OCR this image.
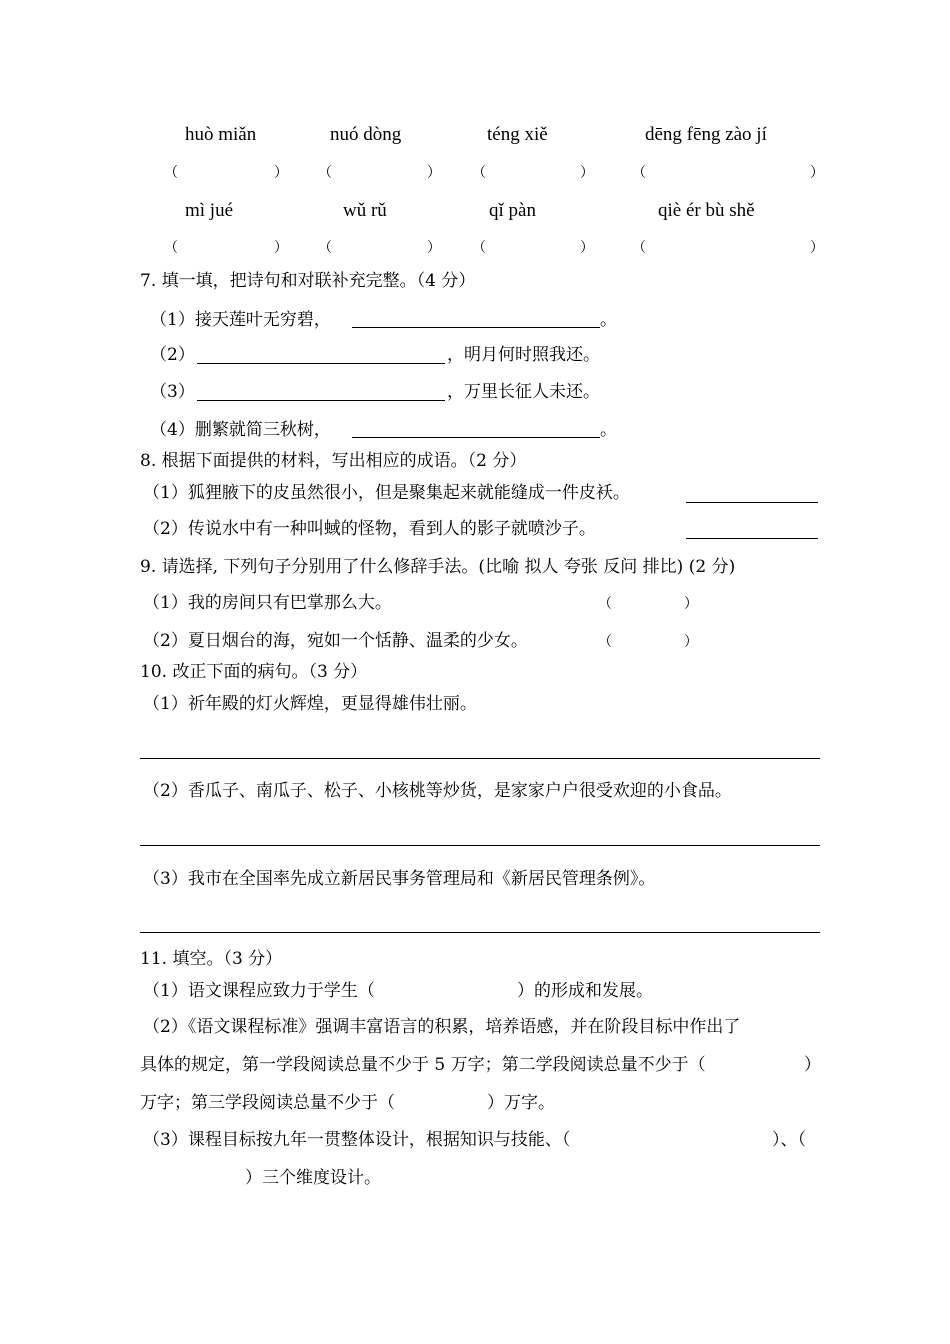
huò miǎn	nuó dòng	téng xiě	dēng fēng zào jí
（	） （	） （	）	（	）
mì jué	wǔ rǔ	qǐ pàn	qiè ér bù shě
（	） （	） （	）	（	）
7. 填一填，把诗句和对联补充完整。（4 分）
（1）接天莲叶无穷碧，	。
（2）	，明月何时照我还。
（3）	，万里长征人未还。
（4）删繁就简三秋树，	。
8. 根据下面提供的材料，写出相应的成语。（2 分）
（1）狐狸腋下的皮虽然很小，但是聚集起来就能缝成一件皮袄。
（2）传说水中有一种叫蜮的怪物，看到人的影子就喷沙子。
9. 请选择, 下列句子分别用了什么修辞手法。(比喻 拟人 夸张 反问 排比) (2 分)
（1）我的房间只有巴掌那么大。	（	）
（2）夏日烟台的海，宛如一个恬静、温柔的少女。	（	）
10. 改正下面的病句。（3 分）
（1）祈年殿的灯火辉煌，更显得雄伟壮丽。
（2）香瓜子、南瓜子、松子、小核桃等炒货，是家家户户很受欢迎的小食品。
（3）我市在全国率先成立新居民事务管理局和《新居民管理条例》。
11. 填空。（3 分）
（1）语文课程应致力于学生（	）的形成和发展。
（2）《语文课程标准》强调丰富语言的积累，培养语感，并在阶段目标中作出了
具体的规定，第一学段阅读总量不少于 5 万字；第二学段阅读总量不少于（	）
万字；第三学段阅读总量不少于（	）万字。
（3）课程目标按九年一贯整体设计，根据知识与技能、（	）、（
）三个维度设计。
